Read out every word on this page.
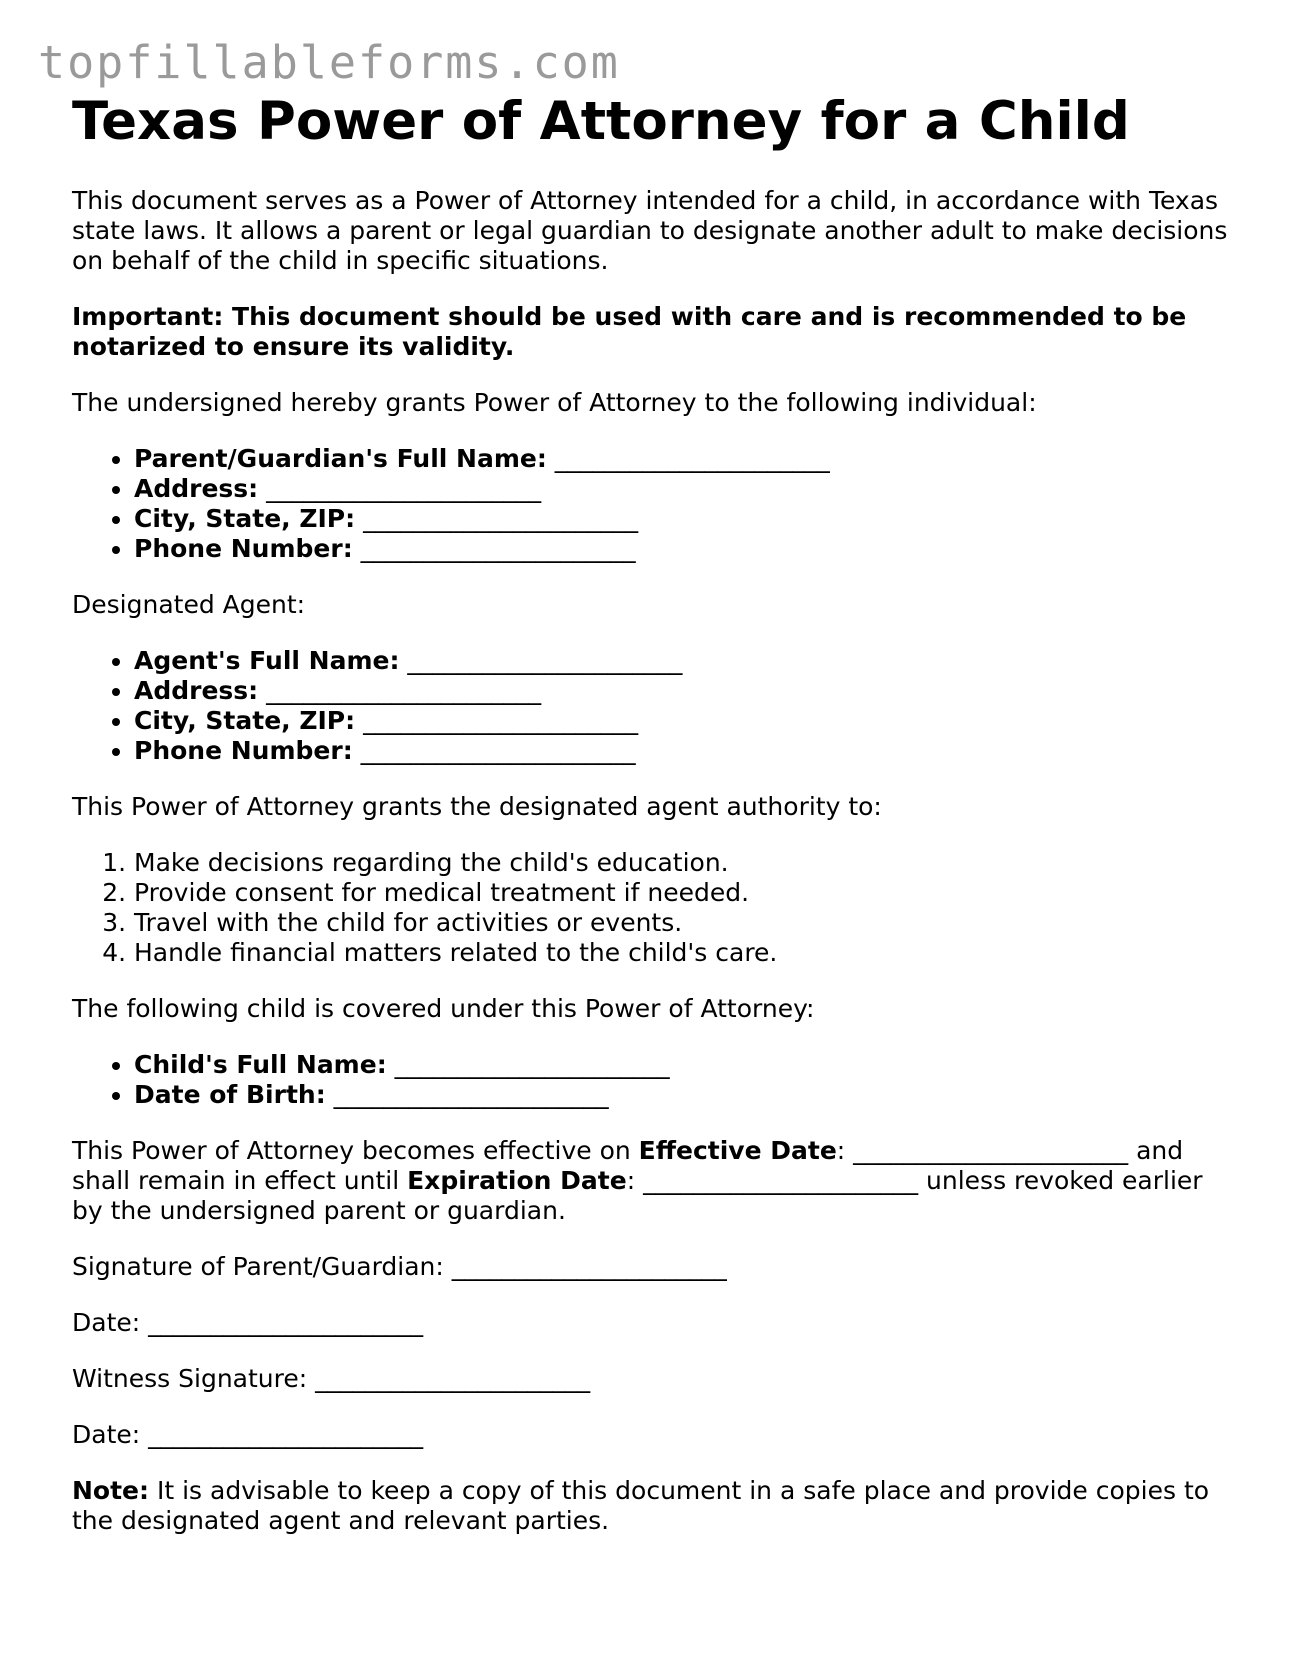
topfillableforms.com
Texas Power of Attorney for a Child

This document serves as a Power of Attorney intended for a child, in accordance with Texas state laws. It allows a parent or legal guardian to designate another adult to make decisions on behalf of the child in specific situations.

Important: This document should be used with care and is recommended to be notarized to ensure its validity.

The undersigned hereby grants Power of Attorney to the following individual:

• Parent/Guardian's Full Name: ______________________
• Address: ______________________
• City, State, ZIP: ______________________
• Phone Number: ______________________

Designated Agent:

• Agent's Full Name: ______________________
• Address: ______________________
• City, State, ZIP: ______________________
• Phone Number: ______________________

This Power of Attorney grants the designated agent authority to:

1. Make decisions regarding the child's education.
2. Provide consent for medical treatment if needed.
3. Travel with the child for activities or events.
4. Handle financial matters related to the child's care.

The following child is covered under this Power of Attorney:

• Child's Full Name: ______________________
• Date of Birth: ______________________

This Power of Attorney becomes effective on Effective Date: ______________________ and shall remain in effect until Expiration Date: ______________________ unless revoked earlier by the undersigned parent or guardian.

Signature of Parent/Guardian: ______________________

Date: ______________________

Witness Signature: ______________________

Date: ______________________

Note: It is advisable to keep a copy of this document in a safe place and provide copies to the designated agent and relevant parties.
